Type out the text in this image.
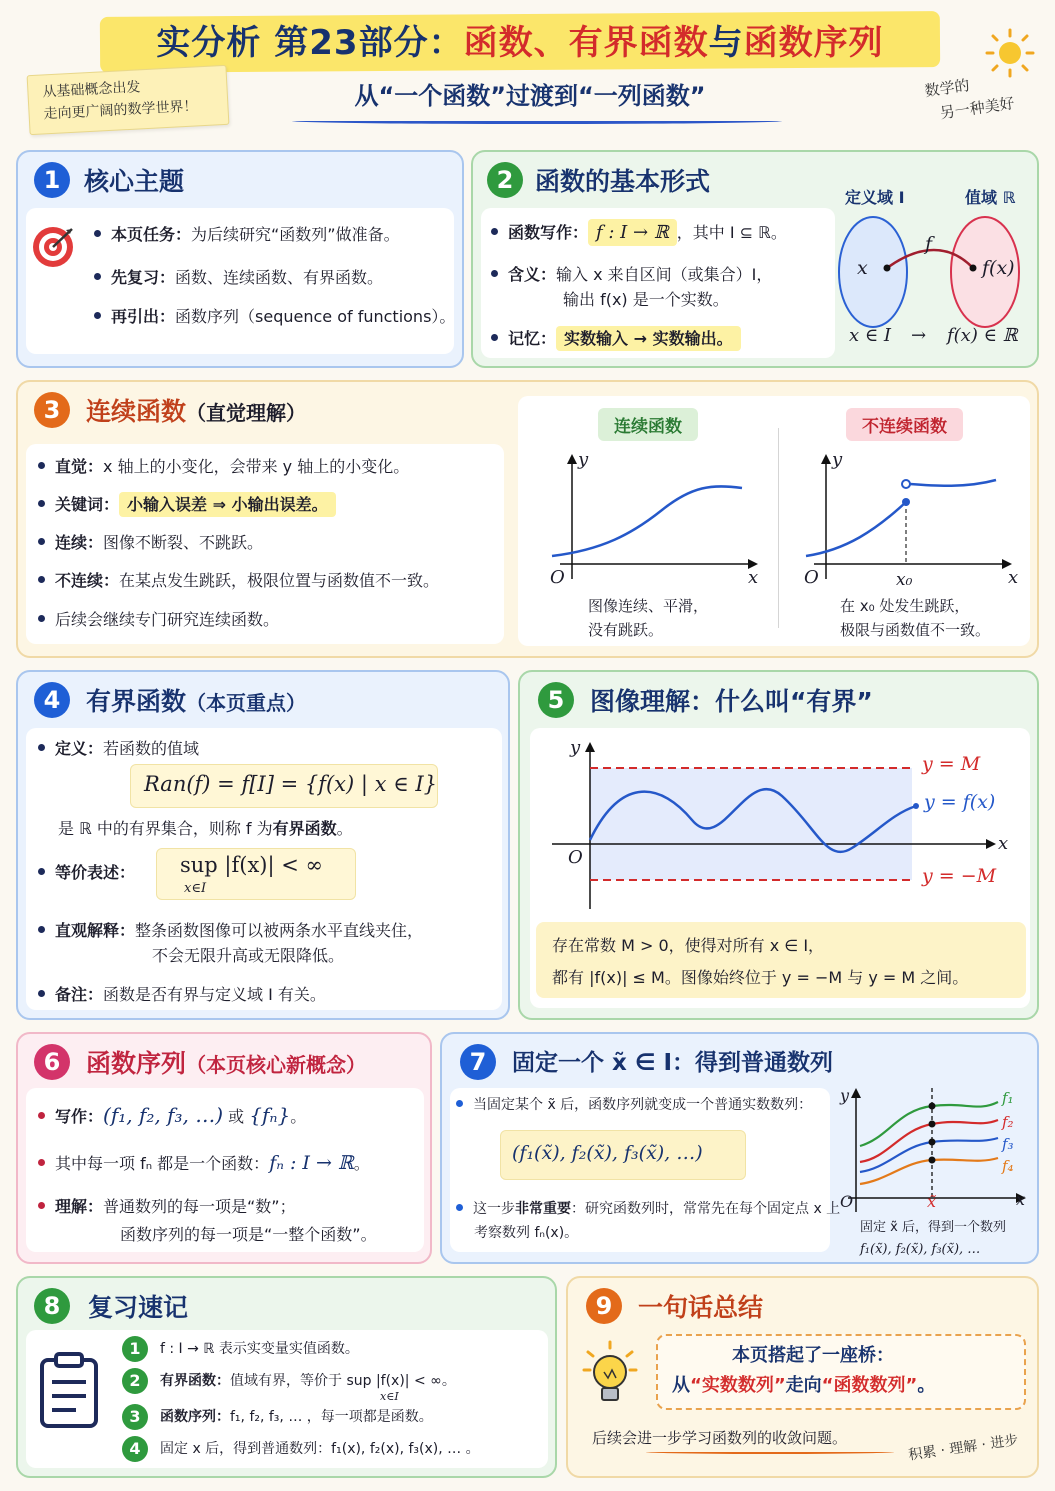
实分析 第23部分：函数、有界函数与函数序列
从“一个函数”过渡到“一列函数”
从基础概念出发
走向更广阔的数学世界！
数学的
另一种美好
1 核心主题
本页任务：为后续研究“函数列”做准备。
先复习：函数、连续函数、有界函数。
再引出：函数序列（sequence of functions）。
2 函数的基本形式
函数写作： f : I → ℝ ，其中 I ⊆ ℝ。
含义：输入 x 来自区间（或集合）I，
输出 f(x) 是一个实数。
记忆： 实数输入 → 实数输出。
定义域 I	值域 ℝ
x
f
f(x)
x ∈ I → f(x) ∈ ℝ
3	连续函数（直觉理解）
直觉：x 轴上的小变化，会带来 y 轴上的小变化。
关键词： 小输入误差 ⇒ 小输出误差。
连续：图像不断裂、不跳跃。
不连续：在某点发生跳跃，极限位置与函数值不一致。
后续会继续专门研究连续函数。
连续函数	不连续函数
y
x
O
图像连续、平滑，
没有跳跃。
y
x
O	x₀
在 x₀ 处发生跳跃，
极限与函数值不一致。
4	有界函数（本页重点）
定义：若函数的值域
Ran(f) = f[I] = {f(x) | x ∈ I}
是 ℝ 中的有界集合，则称 f 为有界函数。
等价表述： sup |f(x)| < ∞
x∈I
直观解释：整条函数图像可以被两条水平直线夹住，
不会无限升高或无限降低。
备注：函数是否有界与定义域 I 有关。
5	图像理解：什么叫“有界”
y
x
O
y = M
y = f(x)
y = −M
存在常数 M > 0，使得对所有 x ∈ I，
都有 |f(x)| ≤ M。图像始终位于 y = −M 与 y = M 之间。
6	函数序列（本页核心新概念）
写作：(f₁, f₂, f₃, …) 或 {fₙ}。
其中每一项 fₙ 都是一个函数：fₙ : I → ℝ。
理解：普通数列的每一项是“数”；
函数序列的每一项是“一整个函数”。
7	固定一个 x̃ ∈ I：得到普通数列
当固定某个 x̃ 后，函数序列就变成一个普通实数数列：
(f₁(x̃), f₂(x̃), f₃(x̃), …)
这一步非常重要：研究函数列时，常常先在每个固定点 x 上
考察数列 fₙ(x)。
y
x
O	x̃
f₁
f₂
f₃
f₄
固定 x̃ 后，得到一个数列
f₁(x̃), f₂(x̃), f₃(x̃), …
8	复习速记
1 f : I → ℝ 表示实变量实值函数。
2 有界函数：值域有界，等价于 sup |f(x)| < ∞。
x∈I
3 函数序列：f₁, f₂, f₃, … ，每一项都是函数。
4 固定 x 后，得到普通数列：f₁(x), f₂(x), f₃(x), … 。
9	一句话总结
本页搭起了一座桥：
从“实数数列”走向“函数数列”。
后续会进一步学习函数列的收敛问题。	积累 · 理解 · 进步
